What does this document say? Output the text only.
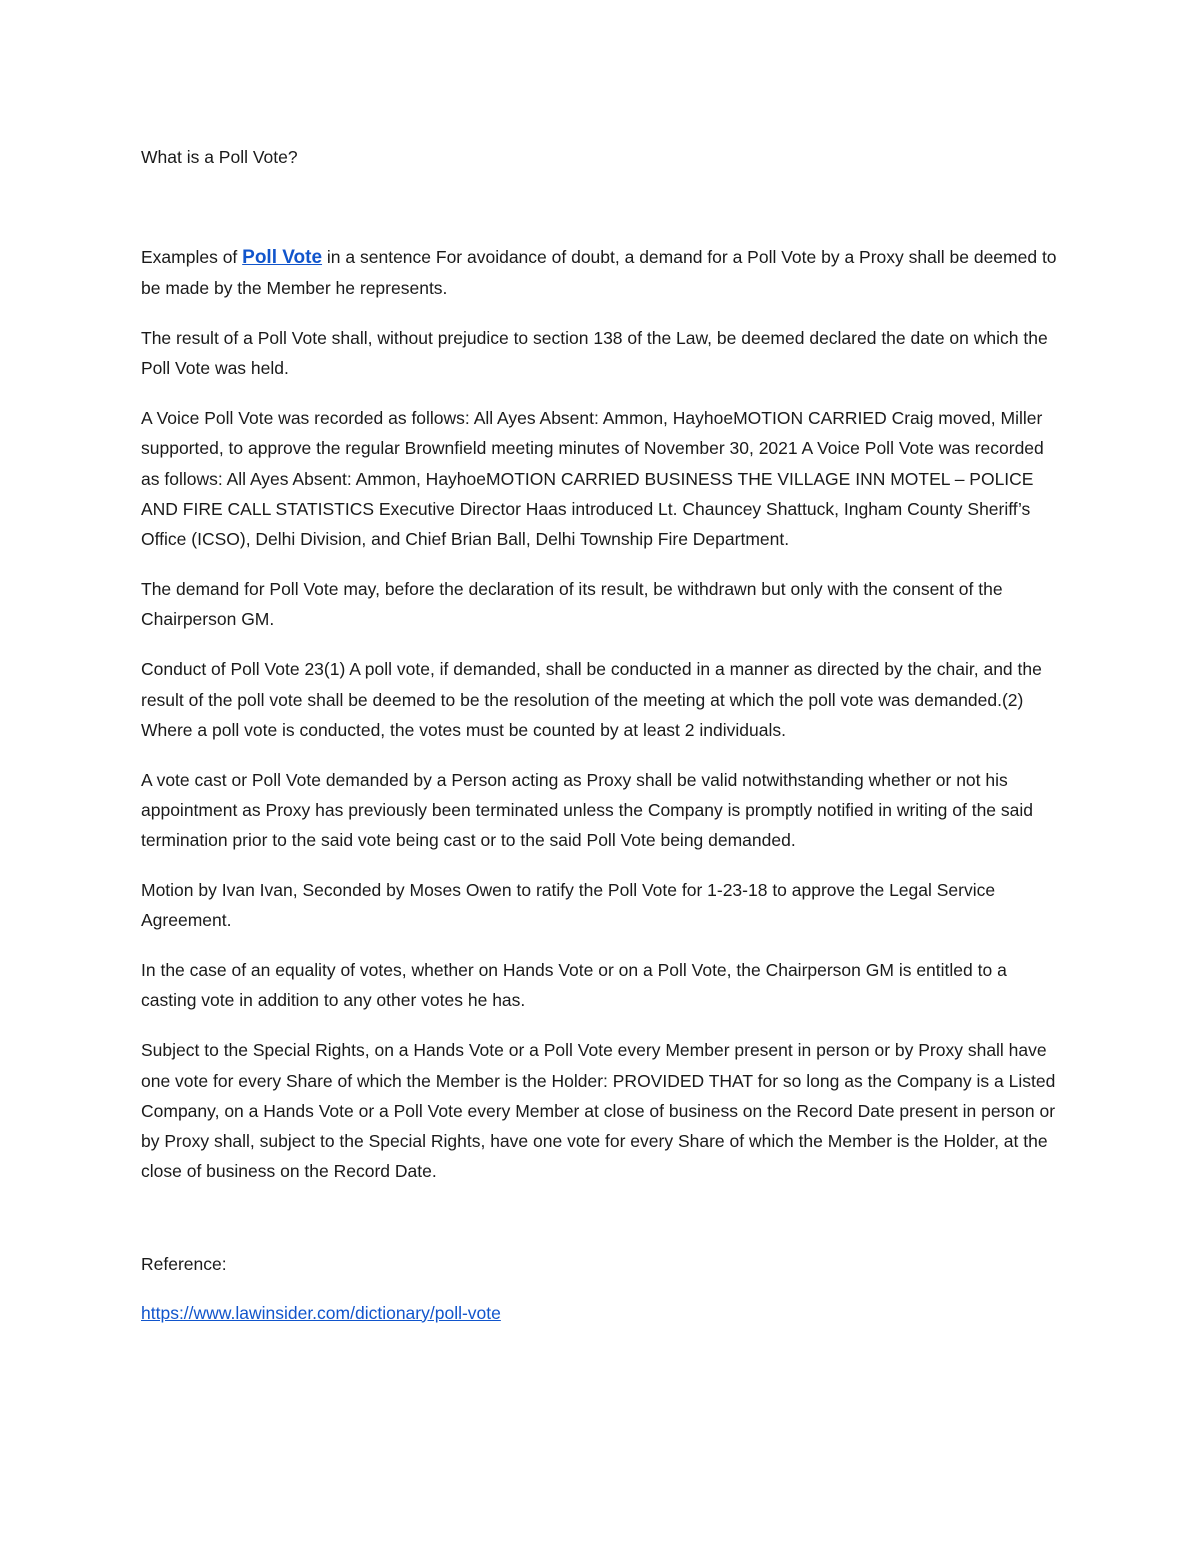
What is a Poll Vote?

Examples of Poll Vote in a sentence For avoidance of doubt, a demand for a Poll Vote by a Proxy shall be deemed to be made by the Member he represents.

The result of a Poll Vote shall, without prejudice to section 138 of the Law, be deemed declared the date on which the Poll Vote was held.

A Voice Poll Vote was recorded as follows: All Ayes Absent: Ammon, HayhoeMOTION CARRIED Craig moved, Miller supported, to approve the regular Brownfield meeting minutes of November 30, 2021 A Voice Poll Vote was recorded as follows: All Ayes Absent: Ammon, HayhoeMOTION CARRIED BUSINESS THE VILLAGE INN MOTEL – POLICE AND FIRE CALL STATISTICS Executive Director Haas introduced Lt. Chauncey Shattuck, Ingham County Sheriff’s Office (ICSO), Delhi Division, and Chief Brian Ball, Delhi Township Fire Department.

The demand for Poll Vote may, before the declaration of its result, be withdrawn but only with the consent of the Chairperson GM.

Conduct of Poll Vote 23(1) A poll vote, if demanded, shall be conducted in a manner as directed by the chair, and the result of the poll vote shall be deemed to be the resolution of the meeting at which the poll vote was demanded.(2) Where a poll vote is conducted, the votes must be counted by at least 2 individuals.

A vote cast or Poll Vote demanded by a Person acting as Proxy shall be valid notwithstanding whether or not his appointment as Proxy has previously been terminated unless the Company is promptly notified in writing of the said termination prior to the said vote being cast or to the said Poll Vote being demanded.

Motion by Ivan Ivan, Seconded by Moses Owen to ratify the Poll Vote for 1-23-18 to approve the Legal Service Agreement.

In the case of an equality of votes, whether on Hands Vote or on a Poll Vote, the Chairperson GM is entitled to a casting vote in addition to any other votes he has.

Subject to the Special Rights, on a Hands Vote or a Poll Vote every Member present in person or by Proxy shall have one vote for every Share of which the Member is the Holder: PROVIDED THAT for so long as the Company is a Listed Company, on a Hands Vote or a Poll Vote every Member at close of business on the Record Date present in person or by Proxy shall, subject to the Special Rights, have one vote for every Share of which the Member is the Holder, at the close of business on the Record Date.

Reference:

https://www.lawinsider.com/dictionary/poll-vote
